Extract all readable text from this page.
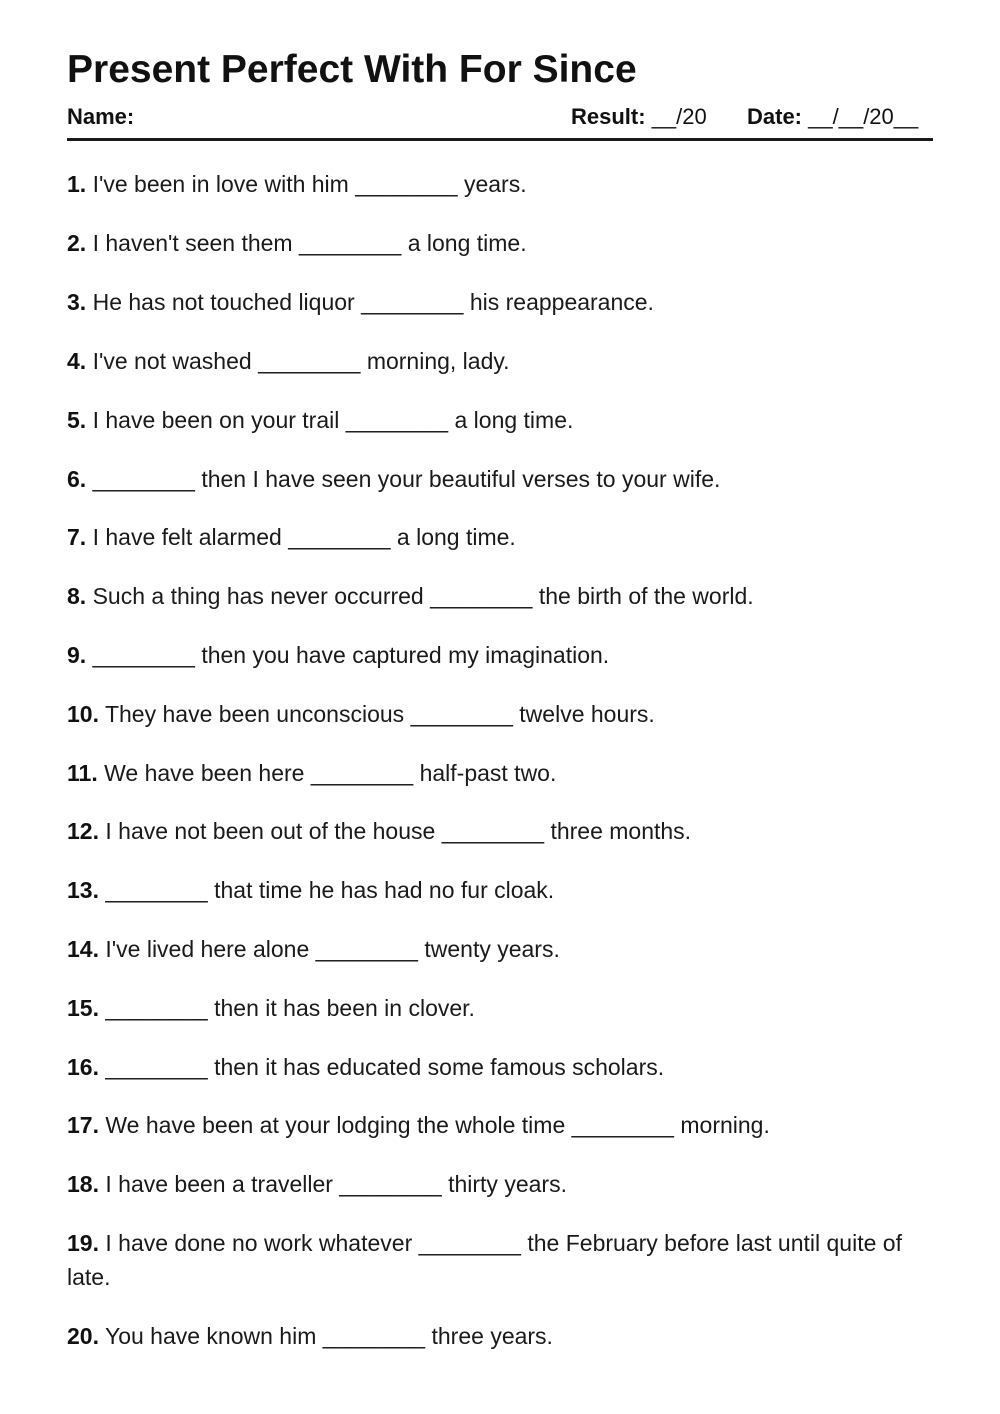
Present Perfect With For Since
Name:	Result: __/20 Date: __/__/20__
1. I've been in love with him ________ years.
2. I haven't seen them ________ a long time.
3. He has not touched liquor ________ his reappearance.
4. I've not washed ________ morning, lady.
5. I have been on your trail ________ a long time.
6. ________ then I have seen your beautiful verses to your wife.
7. I have felt alarmed ________ a long time.
8. Such a thing has never occurred ________ the birth of the world.
9. ________ then you have captured my imagination.
10. They have been unconscious ________ twelve hours.
11. We have been here ________ half-past two.
12. I have not been out of the house ________ three months.
13. ________ that time he has had no fur cloak.
14. I've lived here alone ________ twenty years.
15. ________ then it has been in clover.
16. ________ then it has educated some famous scholars.
17. We have been at your lodging the whole time ________ morning.
18. I have been a traveller ________ thirty years.
19. I have done no work whatever ________ the February before last until quite of late.
20. You have known him ________ three years.
